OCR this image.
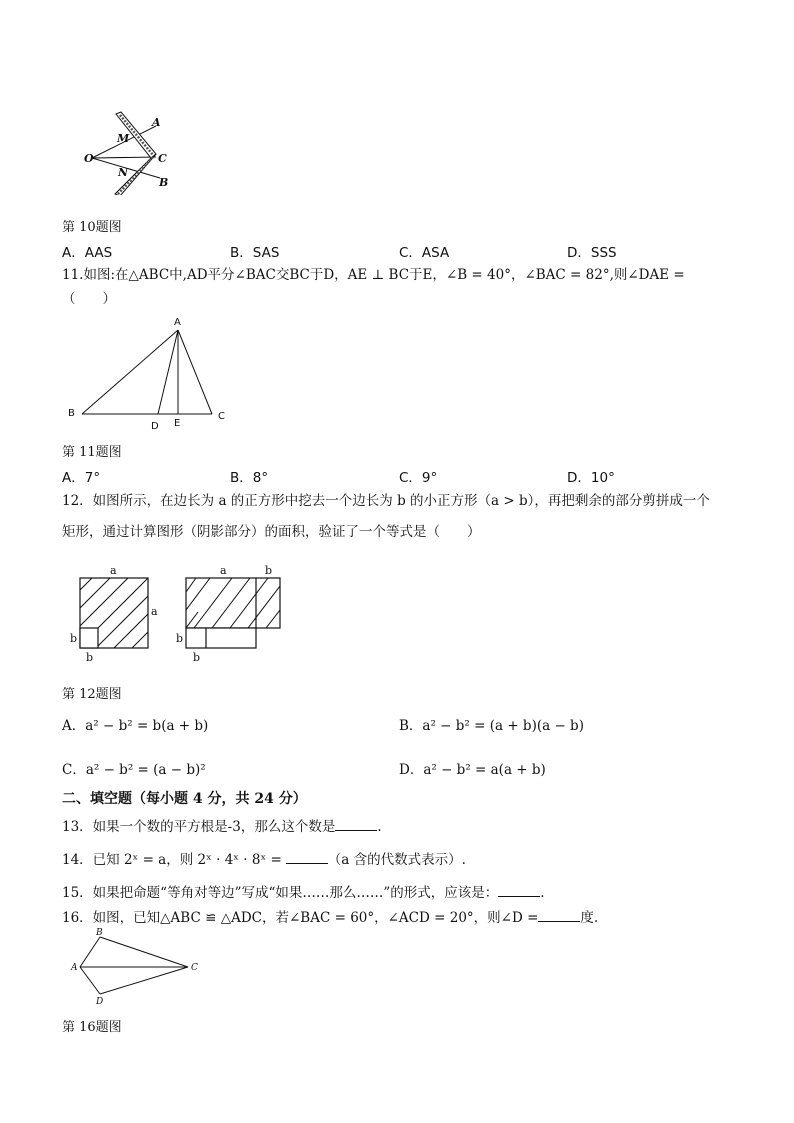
A
M
O	C
N
B
第 10题图
A．AAS	B．SAS	C．ASA	D．SSS
11.如图:在△ABC中,AD平分∠BAC交BC于D，AE ⊥ BC于E，∠B = 40°，∠BAC = 82°,则∠DAE =
（　　）
A
B	C
D E
第 11题图
A．7°	B．8°	C．9°	D．10°
12．如图所示，在边长为 a 的正方形中挖去一个边长为 b 的小正方形（a > b），再把剩余的部分剪拼成一个
矩形，通过计算图形（阴影部分）的面积，验证了一个等式是（　　）
a
a
b
b
a	b
b
b
第 12题图
A．a² − b² = b(a + b)	B．a² − b² = (a + b)(a − b)
C．a² − b² = (a − b)²	D．a² − b² = a(a + b)
二、填空题（每小题 4 分，共 24 分）
13．如果一个数的平方根是-3，那么这个数是	.
14．已知 2ˣ = a，则 2ˣ · 4ˣ · 8ˣ =	（a 含的代数式表示）.
15．如果把命题“等角对等边”写成“如果……那么……”的形式，应该是：	.
16．如图，已知△ABC ≌ △ADC，若∠BAC = 60°，∠ACD = 20°，则∠D =	度.
B
A	C
D
第 16题图
